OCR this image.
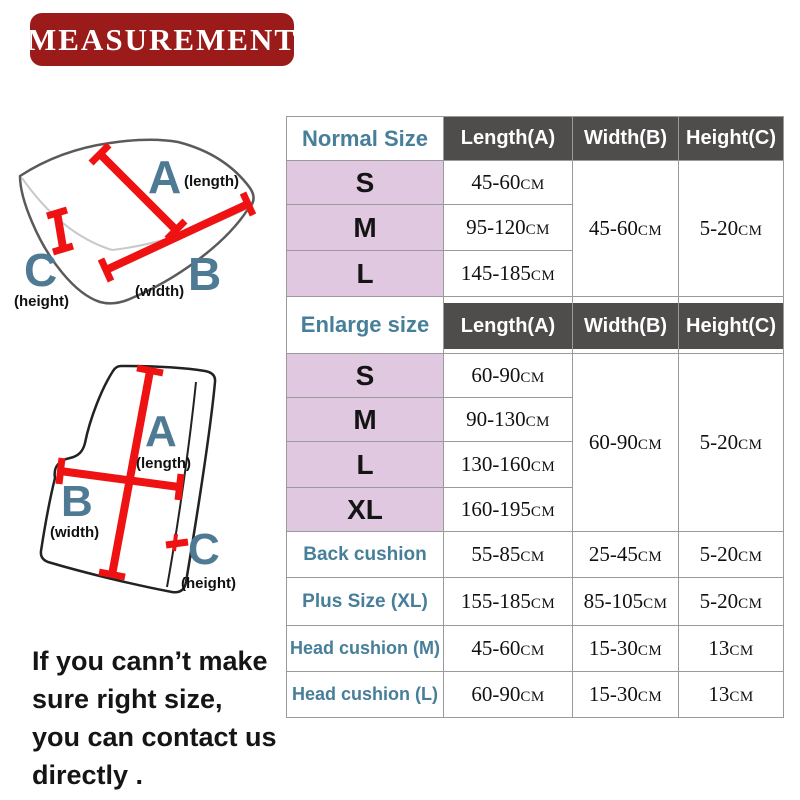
MEASUREMENT
A (length)
B
(width)
C
(height)
A
(length)
B
(width) C
(height)
If you cann’t make
sure right size,
you can contact us
directly .
Normal Size	Length(A)	Width(B)	Height(C)
S	45-60CM	45-60CM	5-20CM
M	95-120CM		
L	145-185CM		
Enlarge size	Length(A)	Width(B)	Height(C)

S	60-90CM	60-90CM	5-20CM
M	90-130CM		
L	130-160CM		
XL	160-195CM		
Back cushion	55-85CM	25-45CM	5-20CM
Plus Size (XL)	155-185CM	85-105CM	5-20CM
Head cushion (M)	45-60CM	15-30CM	13CM
Head cushion (L)	60-90CM	15-30CM	13CM
